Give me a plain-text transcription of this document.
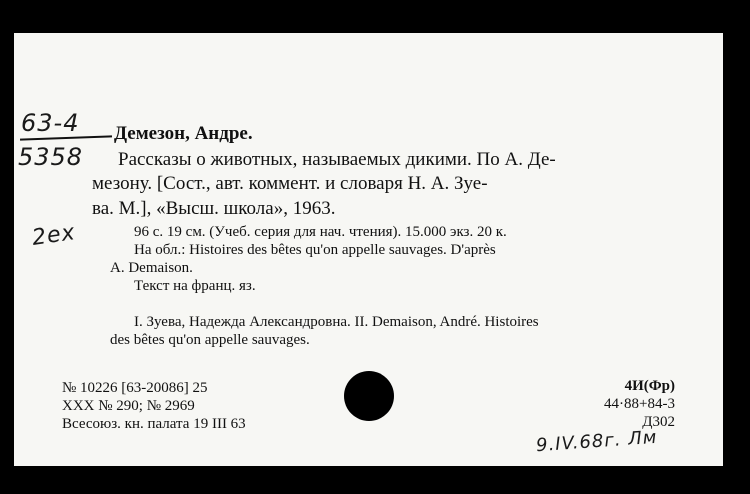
63-4
5358
2ex
Демезон, Андре.
Рассказы о животных, называемых дикими. По А. Де-
мезону. [Сост., авт. коммент. и словаря Н. А. Зуе-
ва. М.], «Высш. школа», 1963.
96 с. 19 см. (Учеб. серия для нач. чтения). 15.000 экз. 20 к.
На обл.: Histoires des bêtes qu'on appelle sauvages. D'après
A. Demaison.
Текст на франц. яз.
I. Зуева, Надежда Александровна. II. Demaison, André. Histoires
des bêtes qu'on appelle sauvages.
№ 10226 [63-20086] 25
XXX № 290; № 2969
Всесоюз. кн. палата 19 III 63
4И(Фр)
44·88+84-3
Д302
9.IV.68г. Лм
